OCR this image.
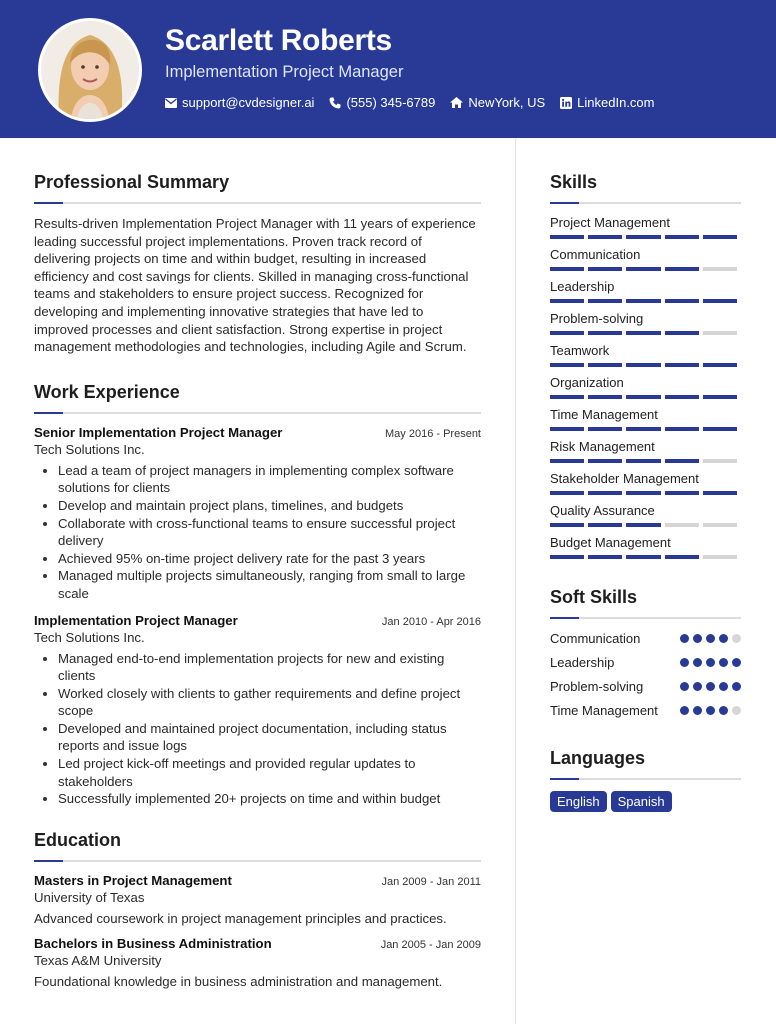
Scarlett Roberts
Implementation Project Manager
support@cvdesigner.ai (555) 345-6789	NewYork, US LinkedIn.com
Professional Summary
Results-driven Implementation Project Manager with 11 years of experience leading successful project implementations. Proven track record of delivering projects on time and within budget, resulting in increased efficiency and cost savings for clients. Skilled in managing cross-functional teams and stakeholders to ensure project success. Recognized for developing and implementing innovative strategies that have led to improved processes and client satisfaction. Strong expertise in project management methodologies and technologies, including Agile and Scrum.
Work Experience
Senior Implementation Project Manager	May 2016 - Present
Tech Solutions Inc.
Lead a team of project managers in implementing complex software solutions for clients
Develop and maintain project plans, timelines, and budgets
Collaborate with cross-functional teams to ensure successful project delivery
Achieved 95% on-time project delivery rate for the past 3 years
Managed multiple projects simultaneously, ranging from small to large scale
Implementation Project Manager	Jan 2010 - Apr 2016
Tech Solutions Inc.
Managed end-to-end implementation projects for new and existing clients
Worked closely with clients to gather requirements and define project scope
Developed and maintained project documentation, including status reports and issue logs
Led project kick-off meetings and provided regular updates to stakeholders
Successfully implemented 20+ projects on time and within budget
Education
Masters in Project Management	Jan 2009 - Jan 2011
University of Texas
Advanced coursework in project management principles and practices.
Bachelors in Business Administration	Jan 2005 - Jan 2009
Texas A&M University
Foundational knowledge in business administration and management.
Skills
Project Management
Communication
Leadership
Problem-solving
Teamwork
Organization
Time Management
Risk Management
Stakeholder Management
Quality Assurance
Budget Management
Soft Skills
Communication
Leadership
Problem-solving
Time Management
Languages
English	Spanish
